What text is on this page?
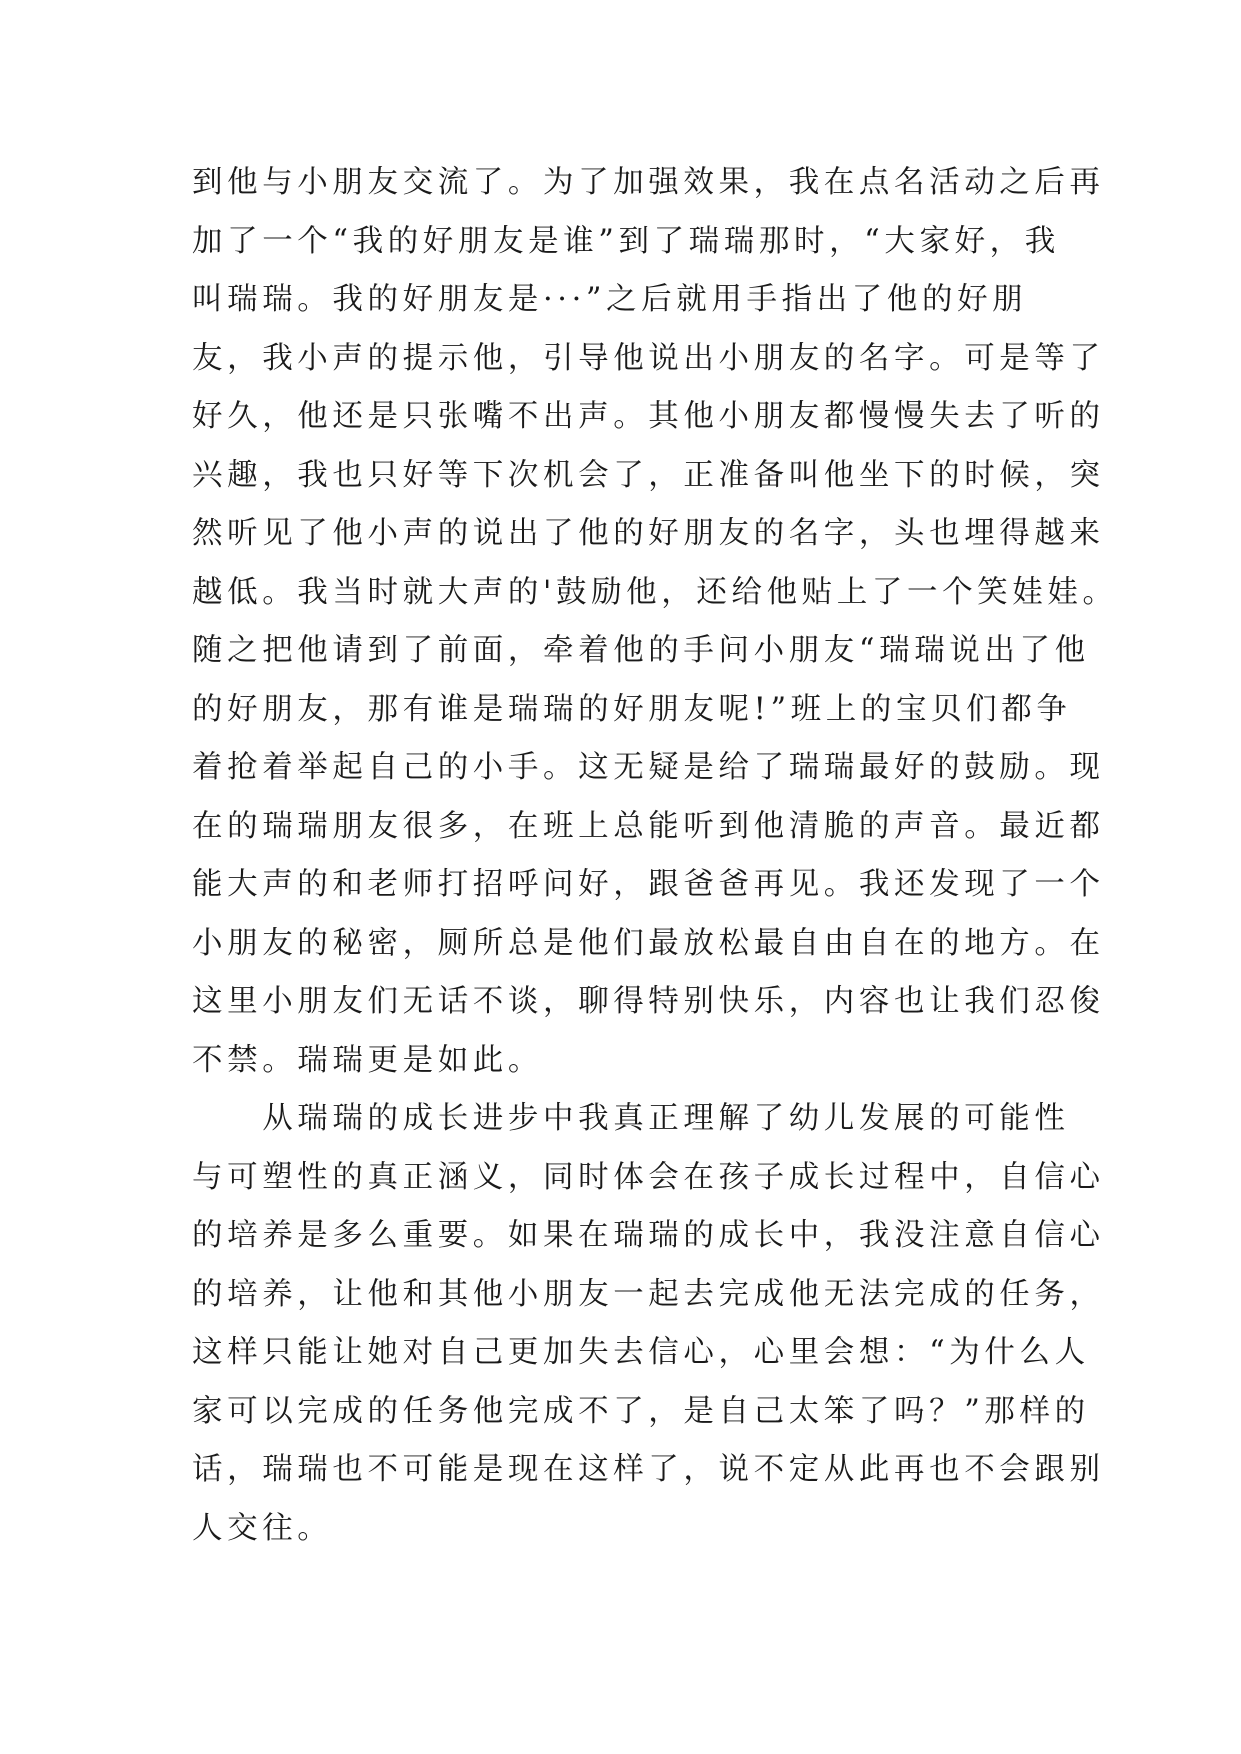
到他与小朋友交流了。为了加强效果，我在点名活动之后再
加了一个“我的好朋友是谁”到了瑞瑞那时，“大家好，我
叫瑞瑞。我的好朋友是···”之后就用手指出了他的好朋
友，我小声的提示他，引导他说出小朋友的名字。可是等了
好久，他还是只张嘴不出声。其他小朋友都慢慢失去了听的
兴趣，我也只好等下次机会了，正准备叫他坐下的时候，突
然听见了他小声的说出了他的好朋友的名字，头也埋得越来
越低。我当时就大声的'鼓励他，还给他贴上了一个笑娃娃。
随之把他请到了前面，牵着他的手问小朋友“瑞瑞说出了他
的好朋友，那有谁是瑞瑞的好朋友呢!”班上的宝贝们都争
着抢着举起自己的小手。这无疑是给了瑞瑞最好的鼓励。现
在的瑞瑞朋友很多，在班上总能听到他清脆的声音。最近都
能大声的和老师打招呼问好，跟爸爸再见。我还发现了一个
小朋友的秘密，厕所总是他们最放松最自由自在的地方。在
这里小朋友们无话不谈，聊得特别快乐，内容也让我们忍俊
不禁。瑞瑞更是如此。
　　从瑞瑞的成长进步中我真正理解了幼儿发展的可能性
与可塑性的真正涵义，同时体会在孩子成长过程中，自信心
的培养是多么重要。如果在瑞瑞的成长中，我没注意自信心
的培养，让他和其他小朋友一起去完成他无法完成的任务，
这样只能让她对自己更加失去信心，心里会想：“为什么人
家可以完成的任务他完成不了，是自己太笨了吗？”那样的
话，瑞瑞也不可能是现在这样了，说不定从此再也不会跟别
人交往。
